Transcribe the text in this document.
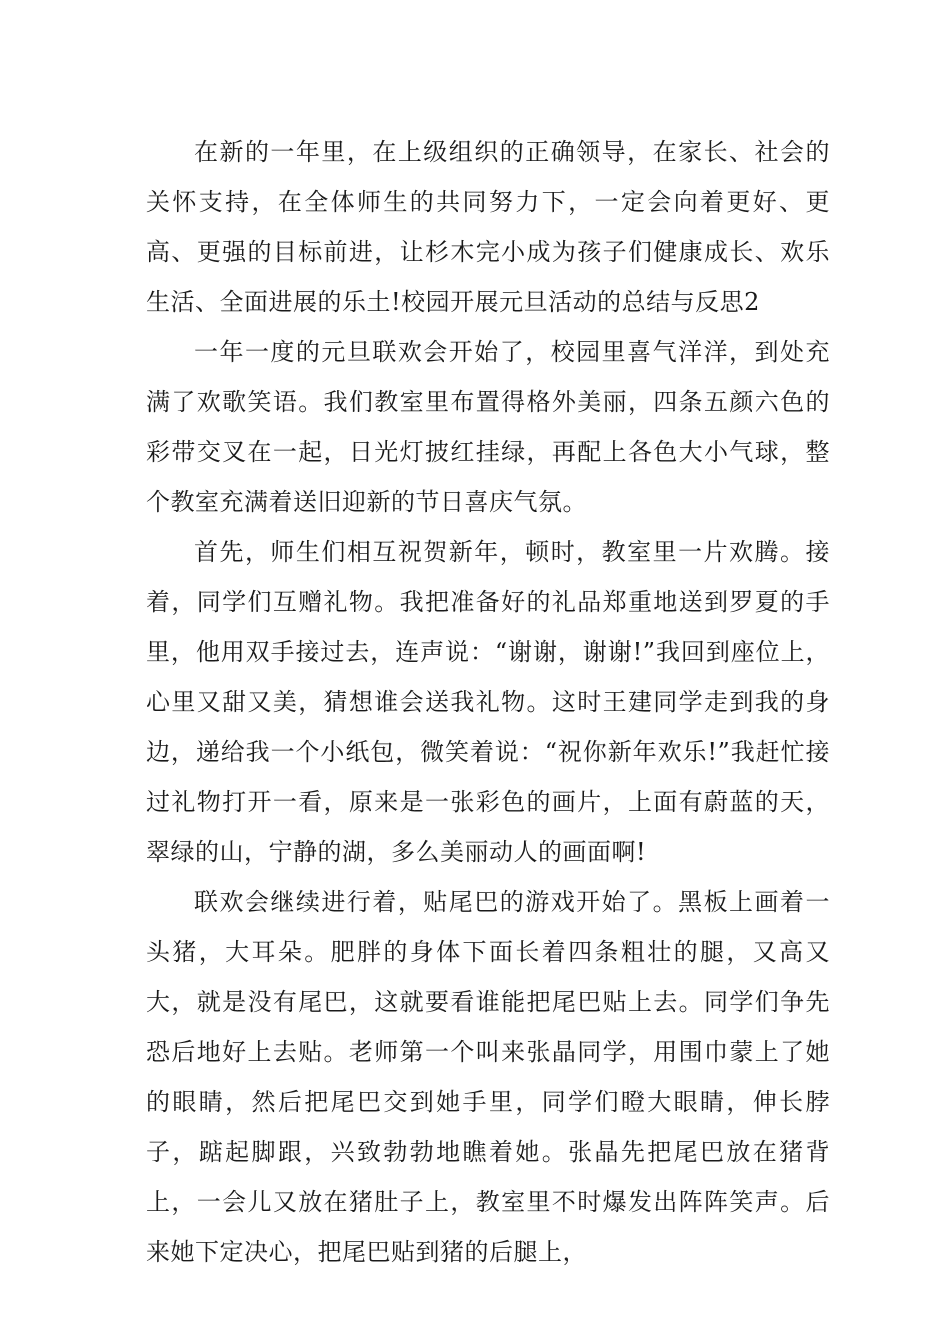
在新的一年里，在上级组织的正确领导，在家长、社会的关怀支持，在全体师生的共同努力下，一定会向着更好、更高、更强的目标前进，让杉木完小成为孩子们健康成长、欢乐生活、全面进展的乐土!校园开展元旦活动的总结与反思2

一年一度的元旦联欢会开始了，校园里喜气洋洋，到处充满了欢歌笑语。我们教室里布置得格外美丽，四条五颜六色的彩带交叉在一起，日光灯披红挂绿，再配上各色大小气球，整个教室充满着送旧迎新的节日喜庆气氛。

首先，师生们相互祝贺新年，顿时，教室里一片欢腾。接着，同学们互赠礼物。我把准备好的礼品郑重地送到罗夏的手里，他用双手接过去，连声说：“谢谢，谢谢!”我回到座位上，心里又甜又美，猜想谁会送我礼物。这时王建同学走到我的身边，递给我一个小纸包，微笑着说：“祝你新年欢乐!”我赶忙接过礼物打开一看，原来是一张彩色的画片，上面有蔚蓝的天，翠绿的山，宁静的湖，多么美丽动人的画面啊!

联欢会继续进行着，贴尾巴的游戏开始了。黑板上画着一头猪，大耳朵。肥胖的身体下面长着四条粗壮的腿，又高又大，就是没有尾巴，这就要看谁能把尾巴贴上去。同学们争先恐后地好上去贴。老师第一个叫来张晶同学，用围巾蒙上了她的眼睛，然后把尾巴交到她手里，同学们瞪大眼睛，伸长脖子，踮起脚跟，兴致勃勃地瞧着她。张晶先把尾巴放在猪背上，一会儿又放在猪肚子上，教室里不时爆发出阵阵笑声。后来她下定决心，把尾巴贴到猪的后腿上，
